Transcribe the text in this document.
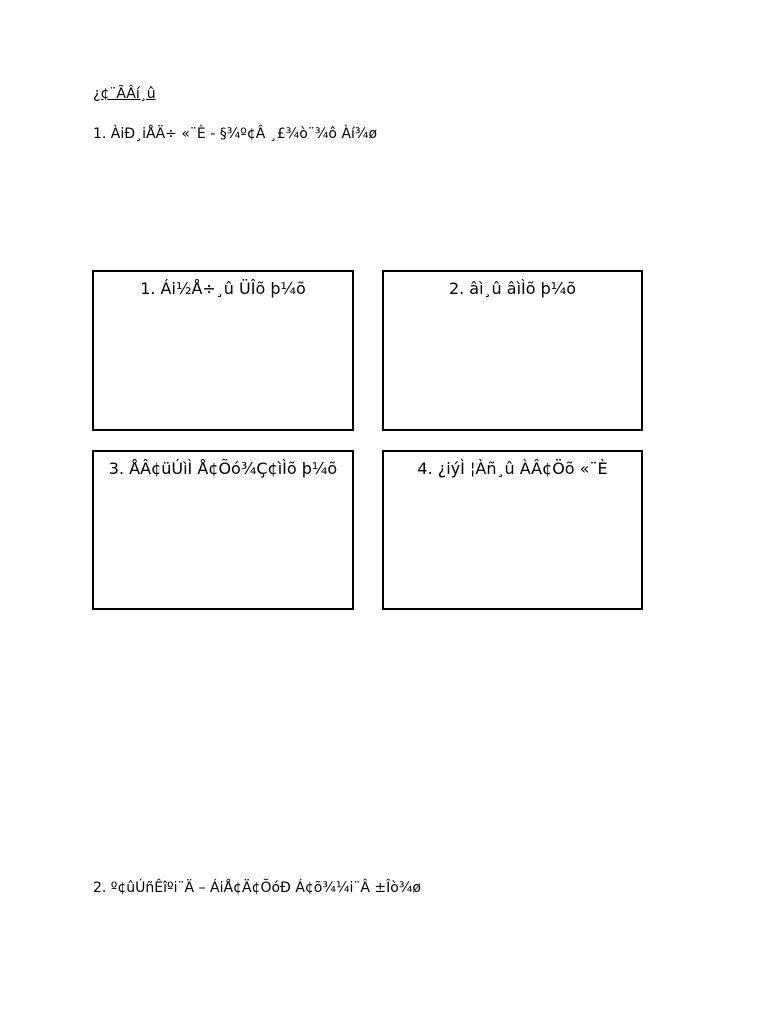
¿¢¨ÃÂí¸û
1. ÀiÐ¸iÅÄ÷ «¨È - §¾º¢Â ¸£¾ò¨¾ô Àí¾ø
1. Ái½Å÷¸û ÜÎõ þ¼õ	2. âì¸û âìÌõ þ¼õ
3. ÅÂ¢üÚìÌ Å¢Õó¾Ç¢ìÌõ þ¼õ	4. ¿iýÌ ¦Àñ¸û ÀÂ¢Öõ «¨È
2. º¢ûÚñÊîºi¨Ä – ÁiÅ¢Ä¢ÕóÐ Á¢õ¾¼i¨Â ±Îò¾ø
